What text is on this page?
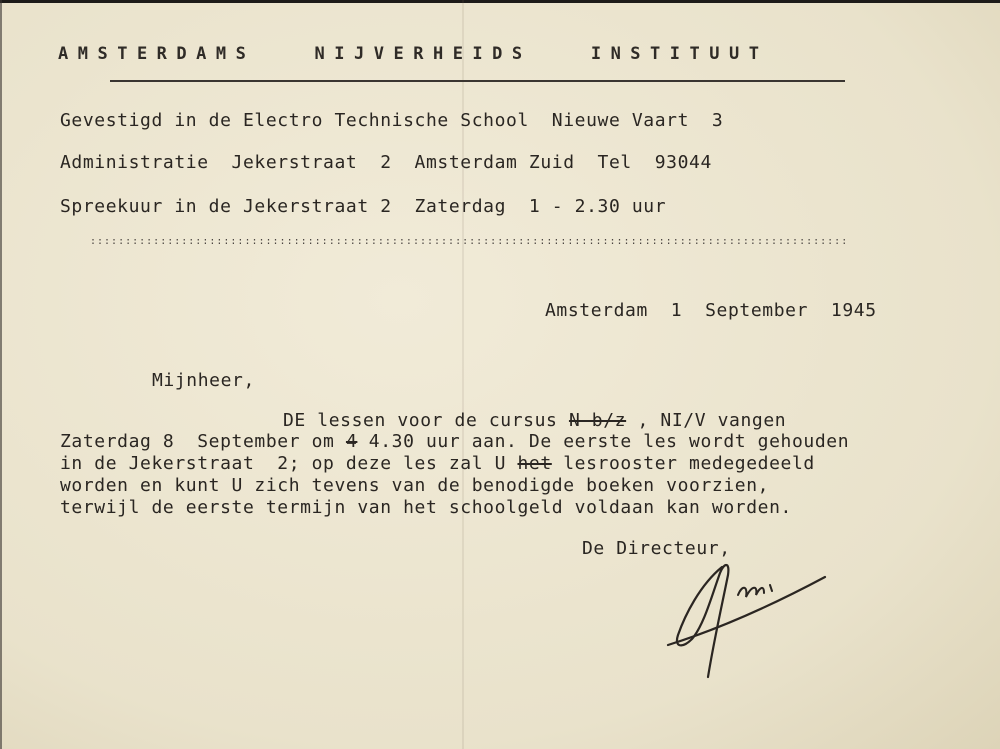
AMSTERDAMS   NIJVERHEIDS   INSTITUUT
Gevestigd in de Electro Technische School  Nieuwe Vaart  3
Administratie  Jekerstraat  2  Amsterdam Zuid  Tel  93044
Spreekuur in de Jekerstraat 2  Zaterdag  1 - 2.30 uur
::::::::::::::::::::::::::::::::::::::::::::::::::::::::::::::::::::::::::::::::::::::::::::::::::::::::::::
Amsterdam  1  September  1945
Mijnheer,
DE lessen voor de cursus N b/z , NI/V vangen
Zaterdag 8  September om 4 4.30 uur aan. De eerste les wordt gehouden
in de Jekerstraat  2; op deze les zal U het lesrooster medegedeeld
worden en kunt U zich tevens van de benodigde boeken voorzien,
terwijl de eerste termijn van het schoolgeld voldaan kan worden.
De Directeur,
